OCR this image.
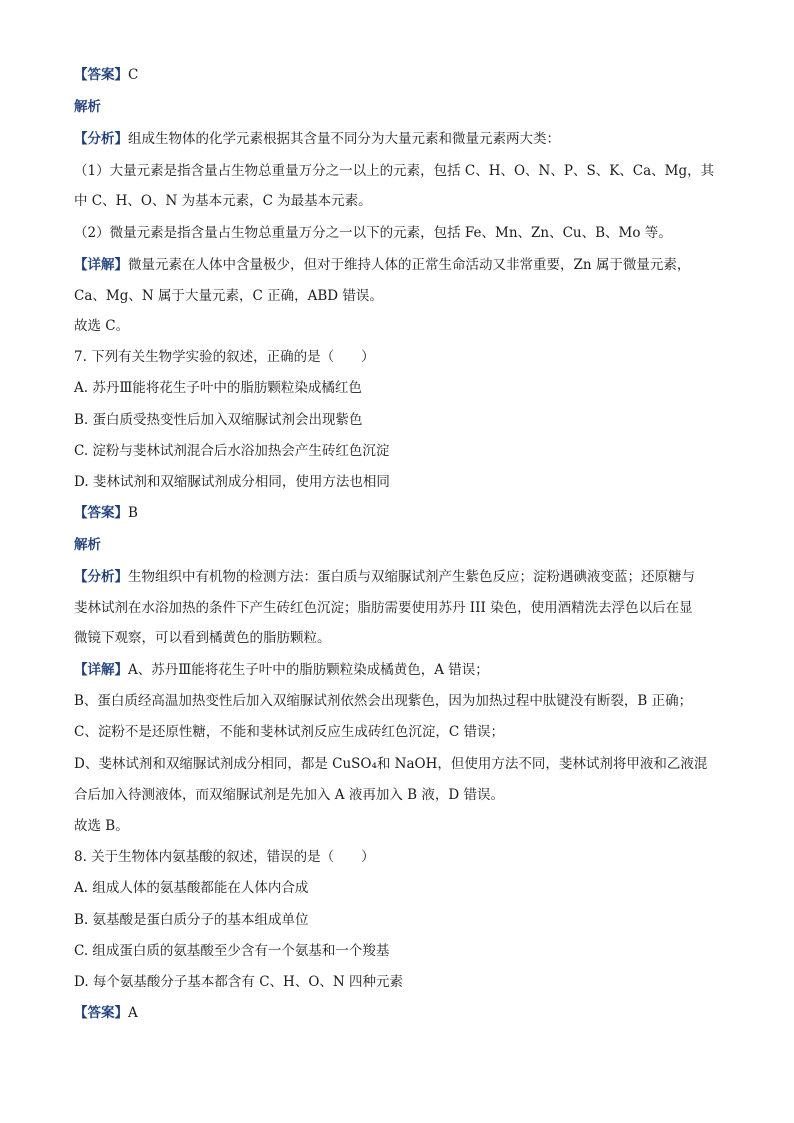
【答案】C
解析
【分析】组成生物体的化学元素根据其含量不同分为大量元素和微量元素两大类：
（1）大量元素是指含量占生物总重量万分之一以上的元素，包括 C、H、O、N、P、S、K、Ca、Mg，其
中 C、H、O、N 为基本元素，C 为最基本元素。
（2）微量元素是指含量占生物总重量万分之一以下的元素，包括 Fe、Mn、Zn、Cu、B、Mo 等。
【详解】微量元素在人体中含量极少，但对于维持人体的正常生命活动又非常重要，Zn 属于微量元素，
Ca、Mg、N 属于大量元素，C 正确，ABD 错误。
故选 C。
7. 下列有关生物学实验的叙述，正确的是（　　）
A. 苏丹Ⅲ能将花生子叶中的脂肪颗粒染成橘红色
B. 蛋白质受热变性后加入双缩脲试剂会出现紫色
C. 淀粉与斐林试剂混合后水浴加热会产生砖红色沉淀
D. 斐林试剂和双缩脲试剂成分相同，使用方法也相同
【答案】B
解析
【分析】生物组织中有机物的检测方法：蛋白质与双缩脲试剂产生紫色反应；淀粉遇碘液变蓝；还原糖与
斐林试剂在水浴加热的条件下产生砖红色沉淀；脂肪需要使用苏丹 III 染色，使用酒精洗去浮色以后在显
微镜下观察，可以看到橘黄色的脂肪颗粒。
【详解】A、苏丹Ⅲ能将花生子叶中的脂肪颗粒染成橘黄色，A 错误；
B、蛋白质经高温加热变性后加入双缩脲试剂依然会出现紫色，因为加热过程中肽键没有断裂，B 正确；
C、淀粉不是还原性糖，不能和斐林试剂反应生成砖红色沉淀，C 错误；
D、斐林试剂和双缩脲试剂成分相同，都是 CuSO₄和 NaOH，但使用方法不同，斐林试剂将甲液和乙液混
合后加入待测液体，而双缩脲试剂是先加入 A 液再加入 B 液，D 错误。
故选 B。
8. 关于生物体内氨基酸的叙述，错误的是（　　）
A. 组成人体的氨基酸都能在人体内合成
B. 氨基酸是蛋白质分子的基本组成单位
C. 组成蛋白质的氨基酸至少含有一个氨基和一个羧基
D. 每个氨基酸分子基本都含有 C、H、O、N 四种元素
【答案】A
